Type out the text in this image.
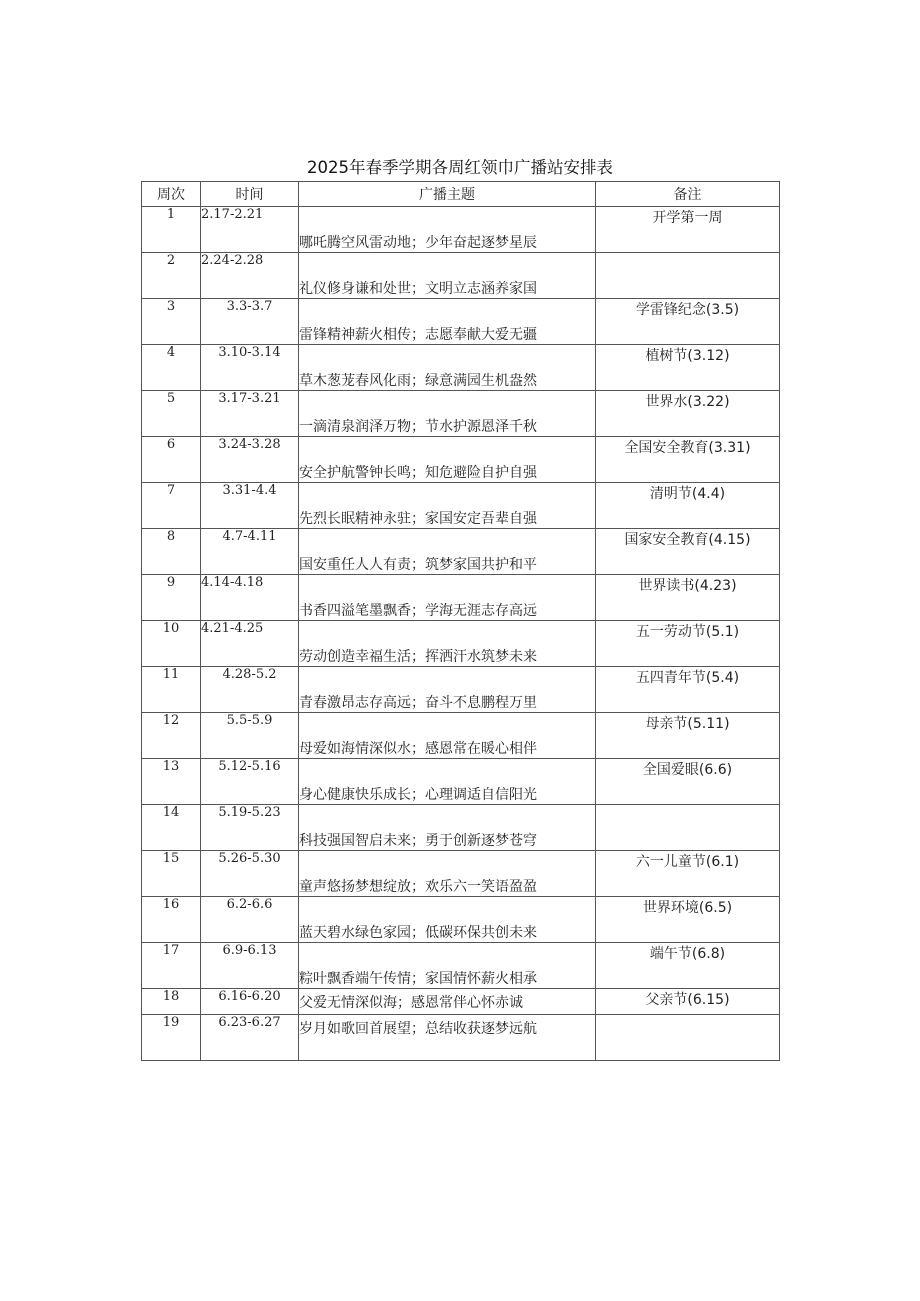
2025年春季学期各周红领巾广播站安排表
周次	时间	广播主题	备注
1	2.17-2.21	哪吒腾空风雷动地；少年奋起逐梦星辰	开学第一周
2	2.24-2.28	礼仪修身谦和处世；文明立志涵养家国	
3	3.3-3.7	雷锋精神薪火相传；志愿奉献大爱无疆	学雷锋纪念(3.5)
4	3.10-3.14	草木葱茏春风化雨；绿意满园生机盎然	植树节(3.12)
5	3.17-3.21	一滴清泉润泽万物；节水护源恩泽千秋	世界水(3.22)
6	3.24-3.28	安全护航警钟长鸣；知危避险自护自强	全国安全教育(3.31)
7	3.31-4.4	先烈长眠精神永驻；家国安定吾辈自强	清明节(4.4)
8	4.7-4.11	国安重任人人有责；筑梦家国共护和平	国家安全教育(4.15)
9	4.14-4.18	书香四溢笔墨飘香；学海无涯志存高远	世界读书(4.23)
10	4.21-4.25	劳动创造幸福生活；挥洒汗水筑梦未来	五一劳动节(5.1)
11	4.28-5.2	青春激昂志存高远；奋斗不息鹏程万里	五四青年节(5.4)
12	5.5-5.9	母爱如海情深似水；感恩常在暖心相伴	母亲节(5.11)
13	5.12-5.16	身心健康快乐成长；心理调适自信阳光	全国爱眼(6.6)
14	5.19-5.23	科技强国智启未来；勇于创新逐梦苍穹	
15	5.26-5.30	童声悠扬梦想绽放；欢乐六一笑语盈盈	六一儿童节(6.1)
16	6.2-6.6	蓝天碧水绿色家园；低碳环保共创未来	世界环境(6.5)
17	6.9-6.13	粽叶飘香端午传情；家国情怀薪火相承	端午节(6.8)
18	6.16-6.20	父爱无情深似海；感恩常伴心怀赤诚	父亲节(6.15)
19	6.23-6.27	岁月如歌回首展望；总结收获逐梦远航	
